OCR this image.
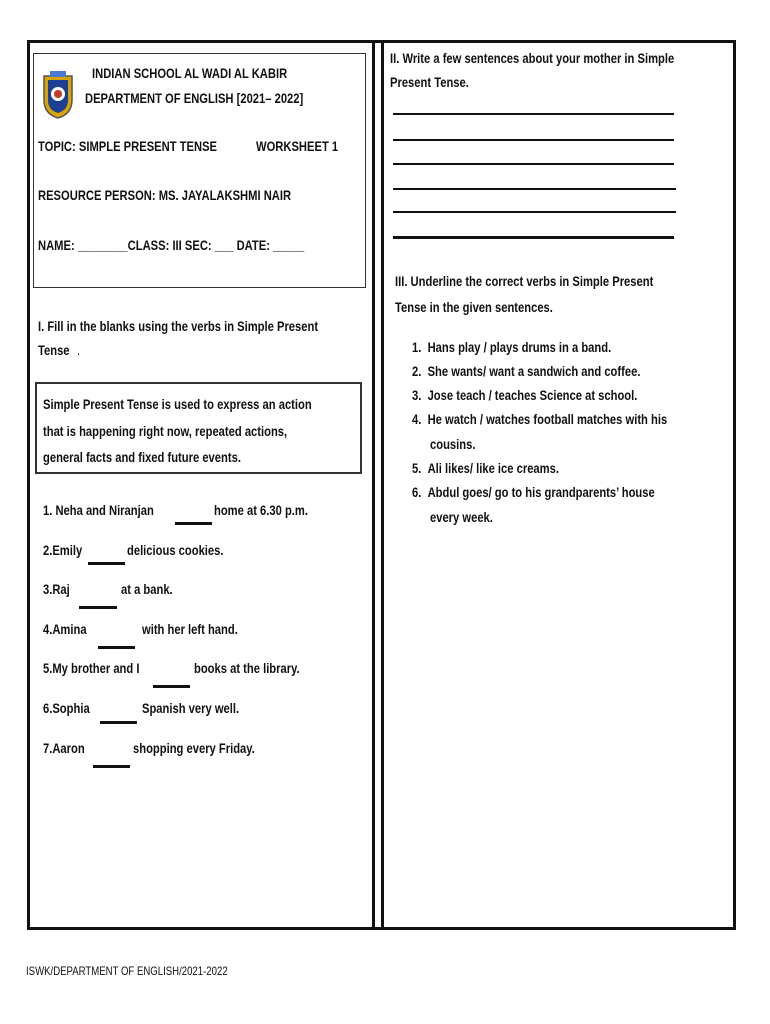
INDIAN SCHOOL AL WADI AL KABIR
DEPARTMENT OF ENGLISH [2021– 2022]
TOPIC: SIMPLE PRESENT TENSE	WORKSHEET 1
RESOURCE PERSON: MS. JAYALAKSHMI NAIR
NAME: ________CLASS: III SEC: ___ DATE: _____
I. Fill in the blanks using the verbs in Simple Present
Tense .
Simple Present Tense is used to express an action
that is happening right now, repeated actions,
general facts and fixed future events.
1. Neha and Niranjan	home at 6.30 p.m.
2.Emily	delicious cookies.
3.Raj	at a bank.
4.Amina	with her left hand.
5.My brother and I	books at the library.
6.Sophia	Spanish very well.
7.Aaron	shopping every Friday.
II. Write a few sentences about your mother in Simple
Present Tense.
III. Underline the correct verbs in Simple Present
Tense in the given sentences.
1. Hans play / plays drums in a band.
2. She wants/ want a sandwich and coffee.
3. Jose teach / teaches Science at school.
4. He watch / watches football matches with his
cousins.
5. Ali likes/ like ice creams.
6. Abdul goes/ go to his grandparents’ house
every week.
ISWK/DEPARTMENT OF ENGLISH/2021-2022
